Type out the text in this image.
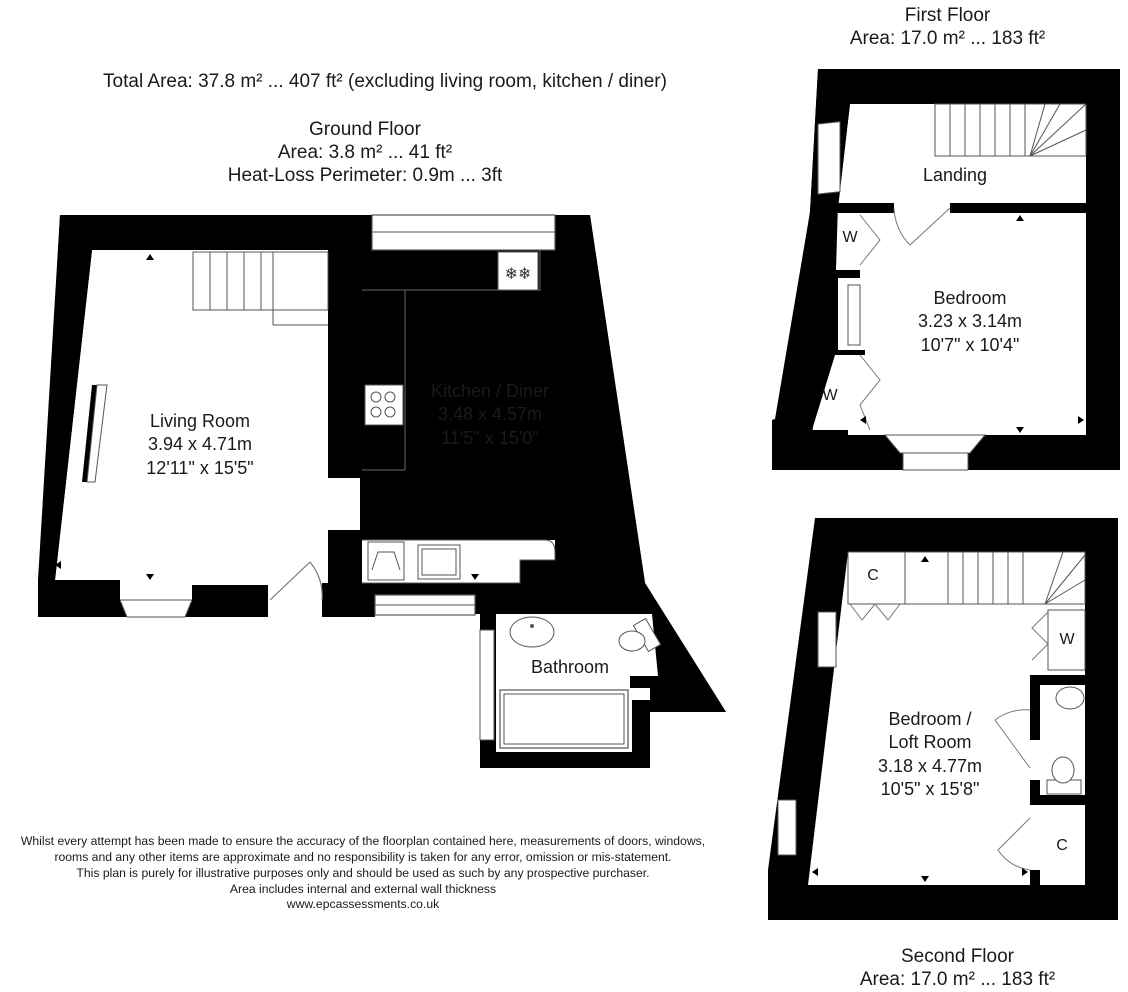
❄❄
Total Area: 37.8 m² ... 407 ft² (excluding living room, kitchen / diner)
Ground Floor
Area: 3.8 m² ... 41 ft²
Heat-Loss Perimeter: 0.9m ... 3ft
Living Room
3.94 x 4.71m
12'11" x 15'5"
Kitchen / Diner
3.48 x 4.57m
11'5" x 15'0"
Bathroom
First Floor
Area: 17.0 m² ... 183 ft²
Landing
Bedroom
3.23 x 3.14m
10'7" x 10'4"
W
W
Bedroom /
Loft Room
3.18 x 4.77m
10'5" x 15'8"
C
W
C
Second Floor
Area: 17.0 m² ... 183 ft²
Whilst every attempt has been made to ensure the accuracy of the floorplan contained here, measurements of doors, windows,
rooms and any other items are approximate and no responsibility is taken for any error, omission or mis-statement.
This plan is purely for illustrative purposes only and should be used as such by any prospective purchaser.
Area includes internal and external wall thickness
www.epcassessments.co.uk
